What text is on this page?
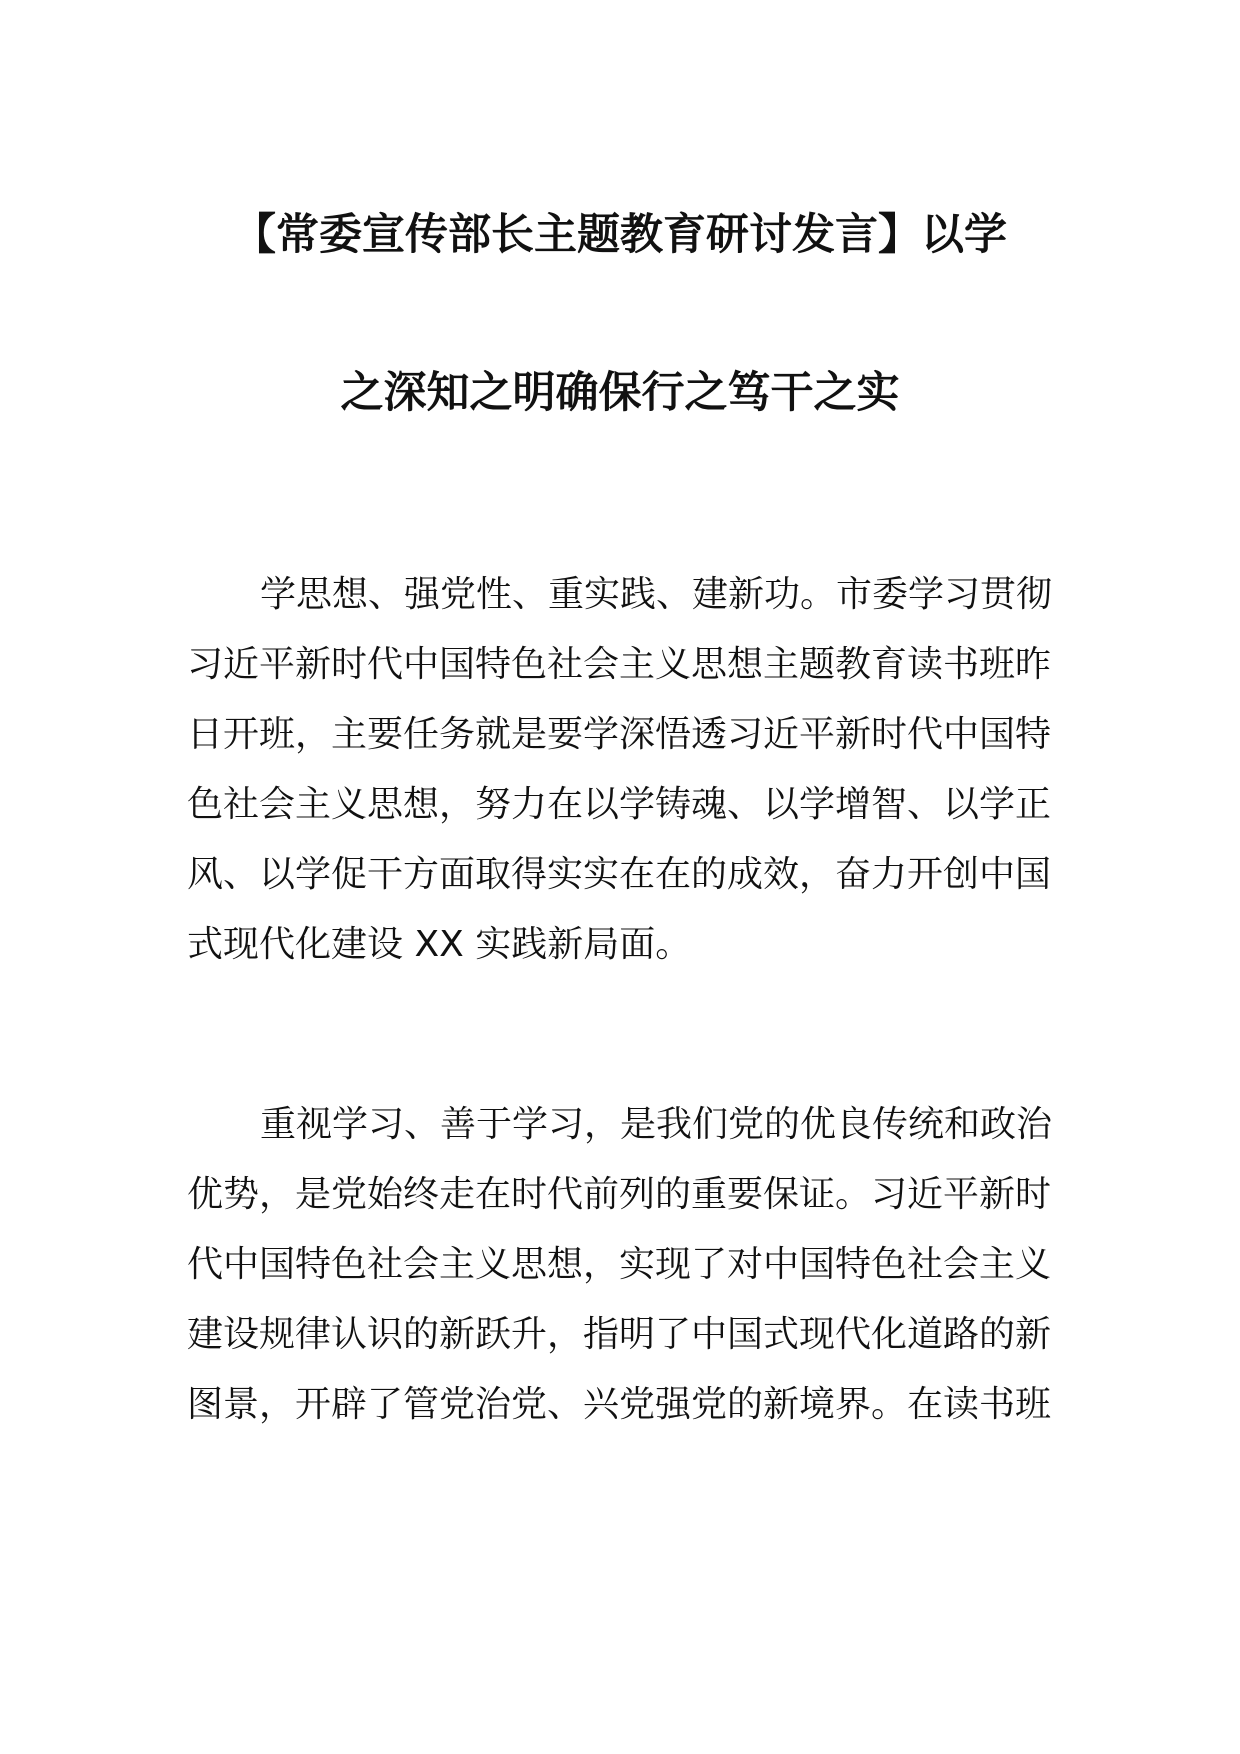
【常委宣传部长主题教育研讨发言】以学
之深知之明确保行之笃干之实
学思想、强党性、重实践、建新功。市委学习贯彻
习近平新时代中国特色社会主义思想主题教育读书班昨
日开班，主要任务就是要学深悟透习近平新时代中国特
色社会主义思想，努力在以学铸魂、以学增智、以学正
风、以学促干方面取得实实在在的成效，奋力开创中国
式现代化建设 XX 实践新局面。
重视学习、善于学习，是我们党的优良传统和政治
优势，是党始终走在时代前列的重要保证。习近平新时
代中国特色社会主义思想，实现了对中国特色社会主义
建设规律认识的新跃升，指明了中国式现代化道路的新
图景，开辟了管党治党、兴党强党的新境界。在读书班
